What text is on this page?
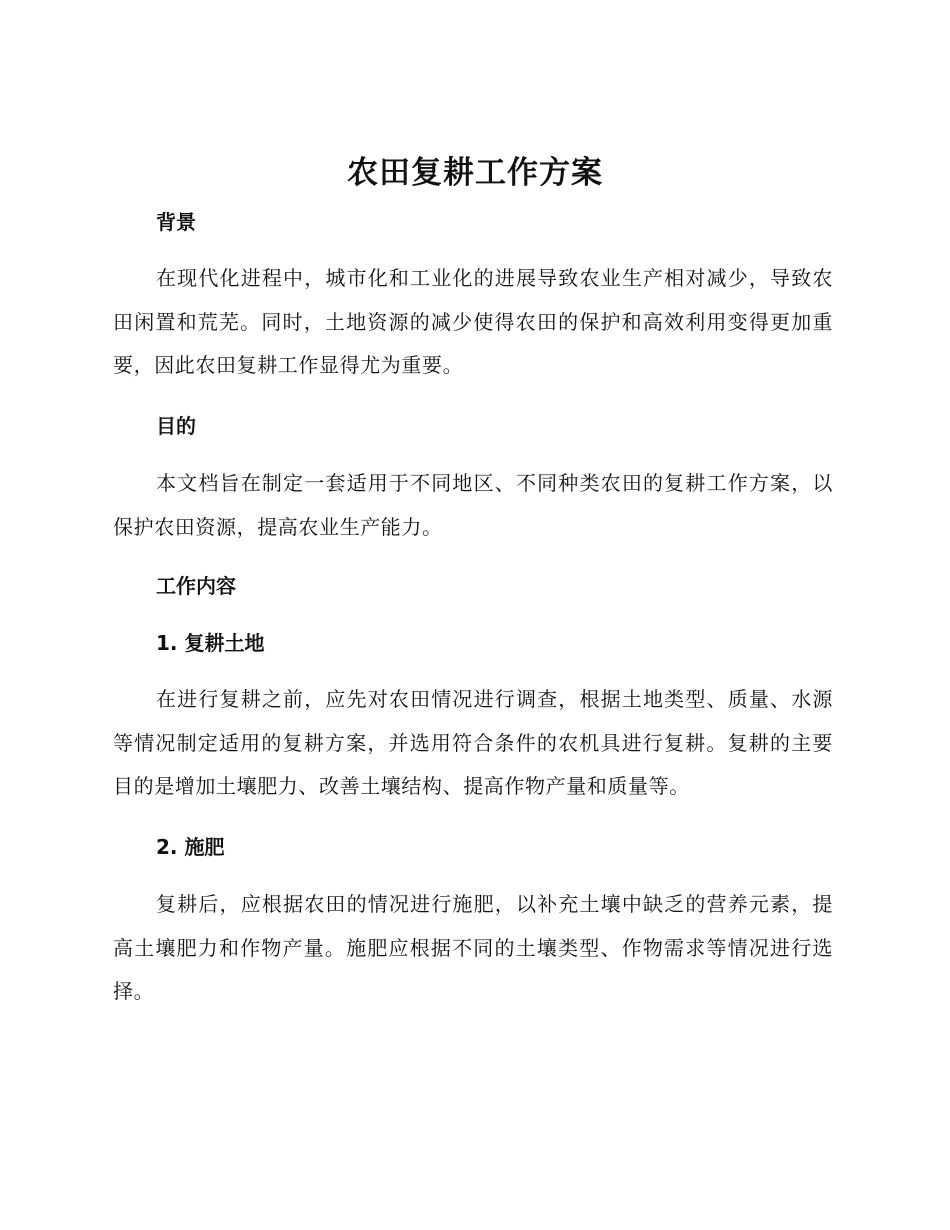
农田复耕工作方案
背景

在现代化进程中，城市化和工业化的进展导致农业生产相对减少，导致农田闲置和荒芜。同时，土地资源的减少使得农田的保护和高效利用变得更加重要，因此农田复耕工作显得尤为重要。

目的

本文档旨在制定一套适用于不同地区、不同种类农田的复耕工作方案，以保护农田资源，提高农业生产能力。

工作内容
1. 复耕土地

在进行复耕之前，应先对农田情况进行调查，根据土地类型、质量、水源等情况制定适用的复耕方案，并选用符合条件的农机具进行复耕。复耕的主要目的是增加土壤肥力、改善土壤结构、提高作物产量和质量等。

2. 施肥

复耕后，应根据农田的情况进行施肥，以补充土壤中缺乏的营养元素，提高土壤肥力和作物产量。施肥应根据不同的土壤类型、作物需求等情况进行选择。
